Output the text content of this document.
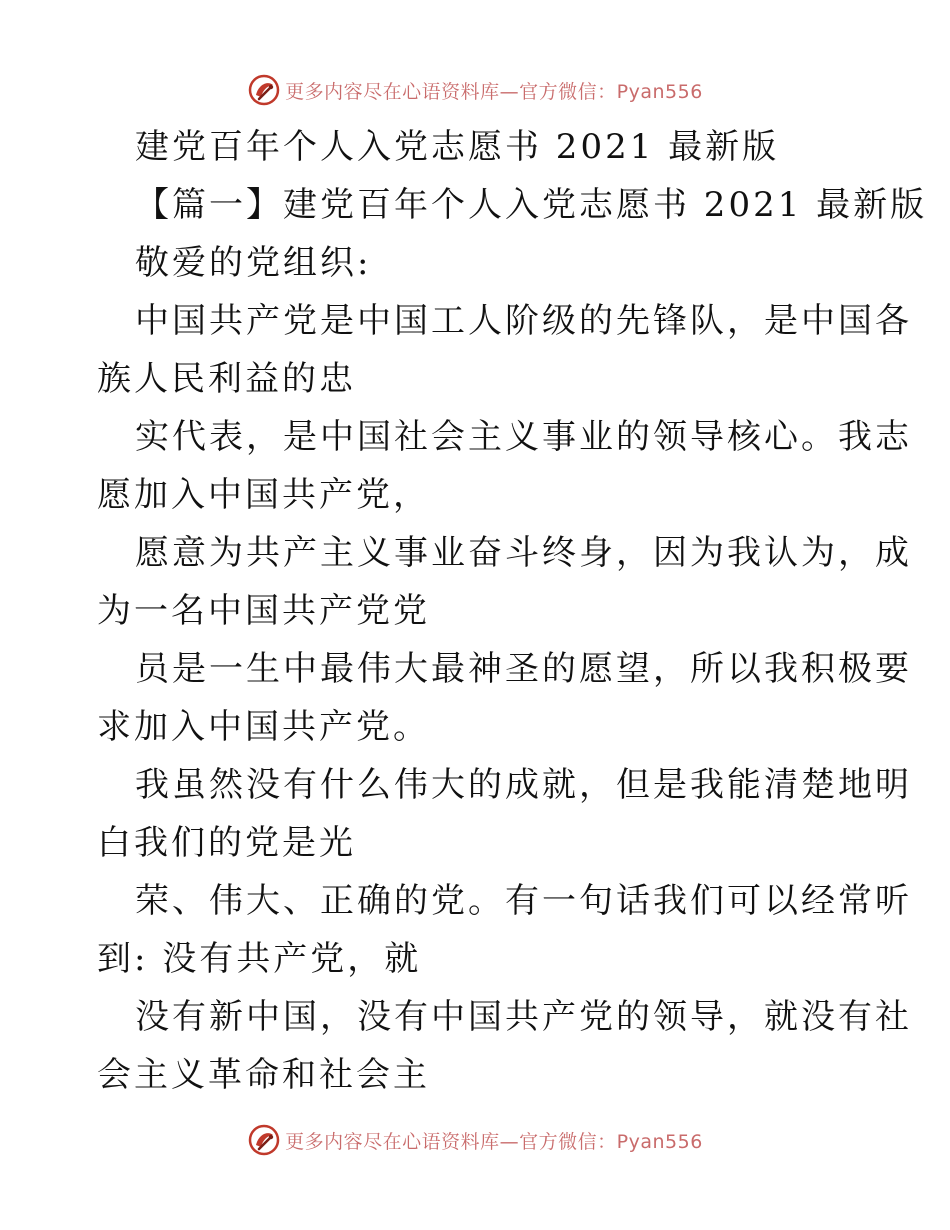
更多内容尽在心语资料库—官方微信：Pyan556
建党百年个人入党志愿书 2021 最新版
【篇一】建党百年个人入党志愿书 2021 最新版
敬爱的党组织:
中国共产党是中国工人阶级的先锋队，是中国各
族人民利益的忠
实代表，是中国社会主义事业的领导核心。我志
愿加入中国共产党，
愿意为共产主义事业奋斗终身，因为我认为，成
为一名中国共产党党
员是一生中最伟大最神圣的愿望，所以我积极要
求加入中国共产党。
我虽然没有什么伟大的成就，但是我能清楚地明
白我们的党是光
荣、伟大、正确的党。有一句话我们可以经常听
到: 没有共产党，就
没有新中国，没有中国共产党的领导，就没有社
会主义革命和社会主
更多内容尽在心语资料库—官方微信：Pyan556
